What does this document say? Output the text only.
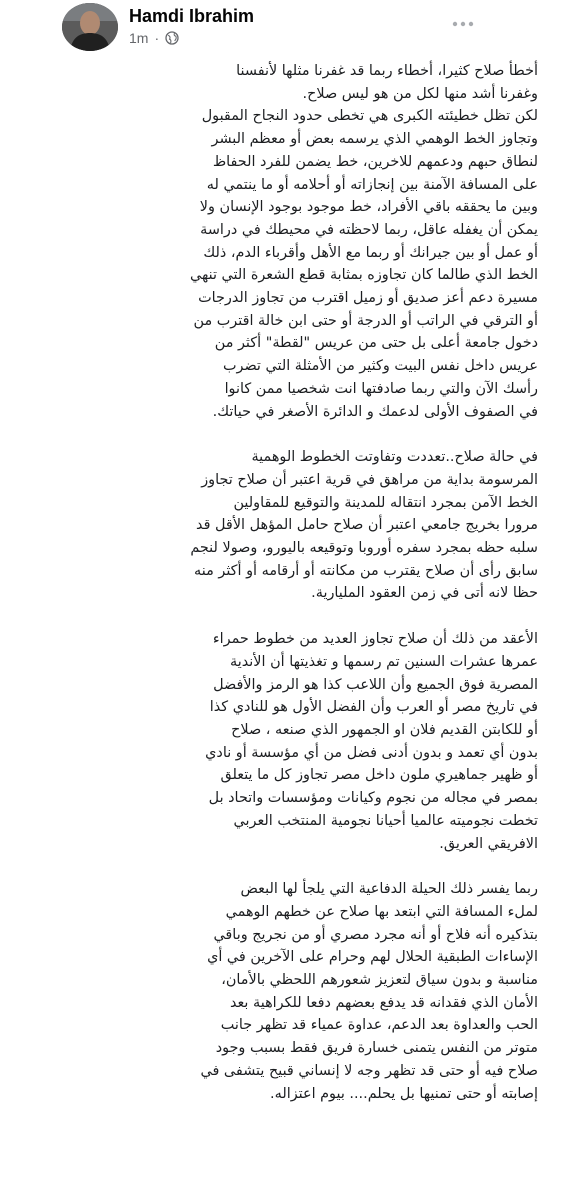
Hamdi Ibrahim
1m ·

أخطأ صلاح كثيرا، أخطاء ربما قد غفرنا مثلها لأنفسنا

وغفرنا أشد منها لكل من هو ليس صلاح.

لكن تظل خطيئته الكبرى هي تخطى حدود النجاح المقبول

وتجاوز الخط الوهمي الذي يرسمه بعض أو معظم البشر

لنطاق حبهم ودعمهم للاخرين، خط يضمن للفرد الحفاظ

على المسافة الآمنة بين إنجازاته أو أحلامه أو ما ينتمي له

وبين ما يحققه باقي الأفراد، خط موجود بوجود الإنسان ولا

يمكن أن يغفله عاقل، ربما لاحظته في محيطك في دراسة

أو عمل أو بين جيرانك أو ربما مع الأهل وأقرباء الدم، ذلك

الخط الذي طالما كان تجاوزه بمثابة قطع الشعرة التي تنهي

مسيرة دعم أعز صديق أو زميل اقترب من تجاوز الدرجات

أو الترقي في الراتب أو الدرجة أو حتى ابن خالة اقترب من

دخول جامعة أعلى بل حتى من عريس "لقطة" أكثر من

عريس داخل نفس البيت وكثير من الأمثلة التي تضرب

رأسك الآن والتي ربما صادفتها انت شخصيا ممن كانوا

في الصفوف الأولى لدعمك و الدائرة الأصغر في حياتك.

في حالة صلاح..تعددت وتفاوتت الخطوط الوهمية

المرسومة بداية من مراهق في قرية اعتبر أن صلاح تجاوز

الخط الآمن بمجرد انتقاله للمدينة والتوقيع للمقاولين

مرورا بخريج جامعي اعتبر أن صلاح حامل المؤهل الأقل قد

سلبه حظه بمجرد سفره أوروبا وتوقيعه باليورو، وصولا لنجم

سابق رأى أن صلاح يقترب من مكانته أو أرقامه أو أكثر منه

حظا لانه أتى في زمن العقود المليارية.

الأعقد من ذلك أن صلاح تجاوز العديد من خطوط حمراء

عمرها عشرات السنين تم رسمها و تغذيتها أن الأندية

المصرية فوق الجميع وأن اللاعب كذا هو الرمز والأفضل

في تاريخ مصر أو العرب وأن الفضل الأول هو للنادي كذا

أو للكابتن القديم فلان او الجمهور الذي صنعه ، صلاح

بدون أي تعمد و بدون أدنى فضل من أي مؤسسة أو نادي

أو ظهير جماهيري ملون داخل مصر تجاوز كل ما يتعلق

بمصر في مجاله من نجوم وكيانات ومؤسسات واتحاد بل

تخطت نجوميته عالميا أحيانا نجومية المنتخب العربي

الافريقي العريق.

ربما يفسر ذلك الحيلة الدفاعية التي يلجأ لها البعض

لملء المسافة التي ابتعد بها صلاح عن خطهم الوهمي

بتذكيره أنه فلاح أو أنه مجرد مصري أو من نجريج وباقي

الإساءات الطبقية الحلال لهم وحرام على الآخرين في أي

مناسبة و بدون سياق لتعزيز شعورهم اللحظي بالأمان،

الأمان الذي فقدانه قد يدفع بعضهم دفعا للكراهية بعد

الحب والعداوة بعد الدعم، عداوة عمياء قد تظهر جانب

متوتر من النفس يتمنى خسارة فريق فقط بسبب وجود

صلاح فيه أو حتى قد تظهر وجه لا إنساني قبيح يتشفى في

إصابته أو حتى تمنيها بل يحلم.... بيوم اعتزاله.
